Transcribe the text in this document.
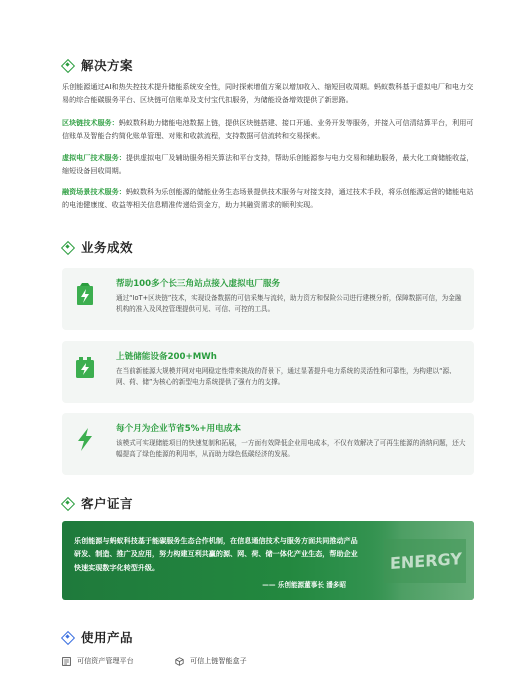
解决方案

乐创能源通过AI和热失控技术提升储能系统安全性，同时探索增值方案以增加收入、缩短回收周期。蚂蚁数科基于虚拟电厂和电力交易的综合能碳服务平台、区块链可信账单及支付宝代扣服务，为储能设备增效提供了新思路。

区块链技术服务：蚂蚁数科助力储能电池数据上链，提供区块链搭建、接口开通、业务开发等服务，并接入可信清结算平台，利用可信账单及智能合约简化账单管理、对账和收款流程，支持数据可信流转和交易探索。

虚拟电厂技术服务：提供虚拟电厂及辅助服务相关算法和平台支持，帮助乐创能源参与电力交易和辅助服务，最大化工商储能收益，缩短设备回收周期。

融资场景技术服务：蚂蚁数科为乐创能源的储能业务生态场景提供技术服务与对接支持，通过技术手段，将乐创能源运营的储能电站的电池健康度、收益等相关信息精准传递给资金方，助力其融资需求的顺利实现。

业务成效
帮助100多个长三角站点接入虚拟电厂服务
通过“IoT+区块链”技术，实现设备数据的可信采集与流转，助力资方和保险公司进行建模分析，保障数据可信，为金融机构的准入及风控管理提供可见、可信、可控的工具。
上链储能设备200+MWh
在当前新能源大规模并网对电网稳定性带来挑战的背景下，通过显著提升电力系统的灵活性和可靠性，为构建以“源、网、荷、储”为核心的新型电力系统提供了强有力的支撑。
每个月为企业节省5%+用电成本
该模式可实现储能项目的快速复制和拓展，一方面有效降低企业用电成本，不仅有效解决了可再生能源的消纳问题，还大幅提高了绿色能源的利用率，从而助力绿色低碳经济的发展。
客户证言
ENERGY
乐创能源与蚂蚁科技基于能碳服务生态合作机制，在信息通信技术与服务方面共同推动产品研发、制造、推广及应用，努力构建互利共赢的源、网、荷、储一体化产业生态，帮助企业快速实现数字化转型升级。
—— 乐创能源董事长 潘多昭
使用产品
可信资产管理平台	可信上链智能盒子
